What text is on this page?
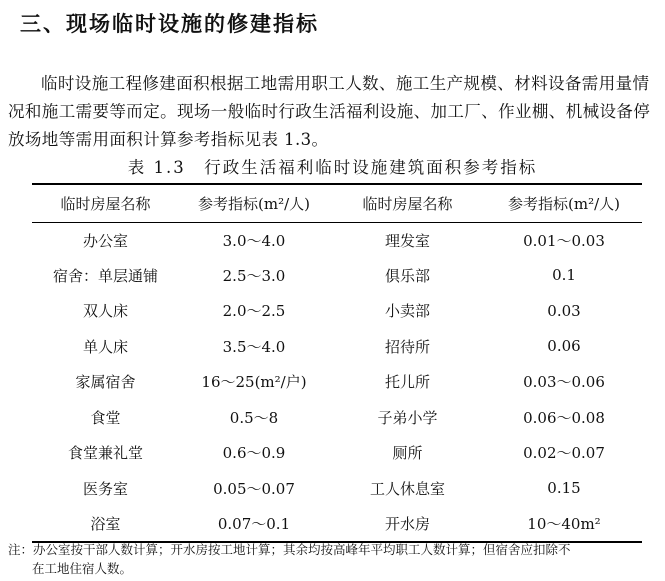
三、现场临时设施的修建指标
临时设施工程修建面积根据工地需用职工人数、施工生产规模、材料设备需用量情况和施工需要等而定。现场一般临时行政生活福利设施、加工厂、作业棚、机械设备停放场地等需用面积计算参考指标见表 1.3。
表 1.3　行政生活福利临时设施建筑面积参考指标
临时房屋名称	参考指标(m²/人)	临时房屋名称	参考指标(m²/人)
办公室	3.0～4.0	理发室	0.01～0.03
宿舍：单层通铺	2.5～3.0	俱乐部	0.1
双人床	2.0～2.5	小卖部	0.03
单人床	3.5～4.0	招待所	0.06
家属宿舍	16～25(m²/户)	托儿所	0.03～0.06
食堂	0.5～8	子弟小学	0.06～0.08
食堂兼礼堂	0.6～0.9	厕所	0.02～0.07
医务室	0.05～0.07	工人休息室	0.15
浴室	0.07～0.1	开水房	10～40m²
注：办公室按干部人数计算；开水房按工地计算；其余均按高峰年平均职工人数计算；但宿舍应扣除不
在工地住宿人数。
